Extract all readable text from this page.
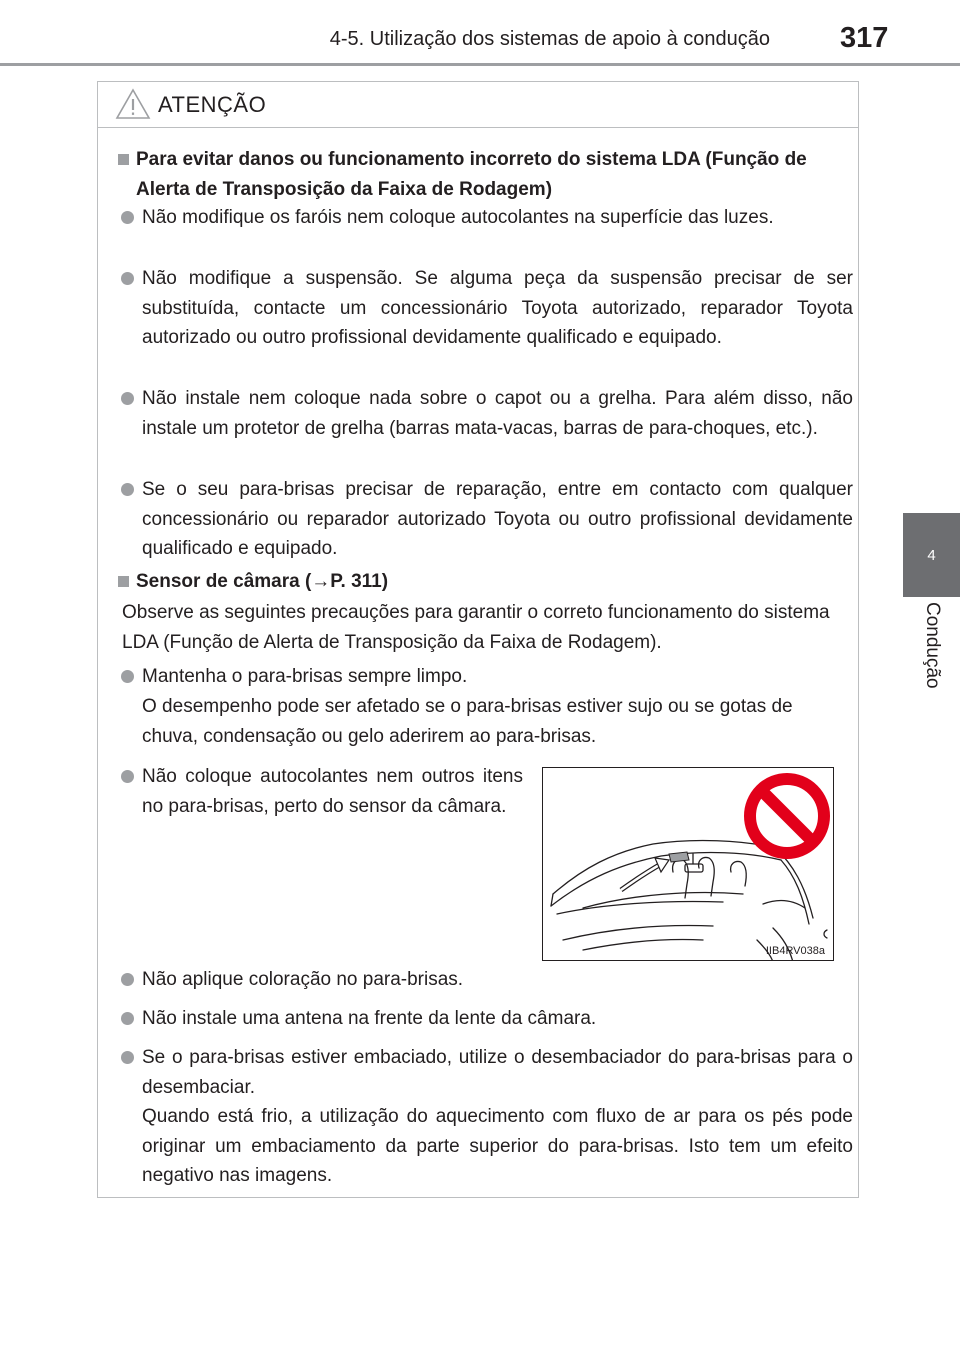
4-5. Utilização dos sistemas de apoio à condução 317
4
Condução
ATENÇÃO
Para evitar danos ou funcionamento incorreto do sistema LDA (Função de Alerta de Transposição da Faixa de Rodagem)
Não modifique os faróis nem coloque autocolantes na superfície das luzes.
Não modifique a suspensão. Se alguma peça da suspensão precisar de ser substituída, contacte um concessionário Toyota autorizado, reparador Toyota autorizado ou outro profissional devidamente qualificado e equipado.
Não instale nem coloque nada sobre o capot ou a grelha. Para além disso, não instale um protetor de grelha (barras mata-vacas, barras de para-choques, etc.).
Se o seu para-brisas precisar de reparação, entre em contacto com qualquer concessionário ou reparador autorizado Toyota ou outro profissional devidamente qualificado e equipado.
Sensor de câmara (→P. 311)
Observe as seguintes precauções para garantir o correto funcionamento do sistema LDA (Função de Alerta de Transposição da Faixa de Rodagem).
Mantenha o para-brisas sempre limpo.
O desempenho pode ser afetado se o para-brisas estiver sujo ou se gotas de chuva, condensação ou gelo aderirem ao para-brisas.
Não coloque autocolantes nem outros itens no para-brisas, perto do sensor da câmara.
Não aplique coloração no para-brisas.
Não instale uma antena na frente da lente da câmara.
Se o para-brisas estiver embaciado, utilize o desembaciador do para-brisas para o desembaciar.
Quando está frio, a utilização do aquecimento com fluxo de ar para os pés pode originar um embaciamento da parte superior do para-brisas. Isto tem um efeito negativo nas imagens.
IIB4RV038a
